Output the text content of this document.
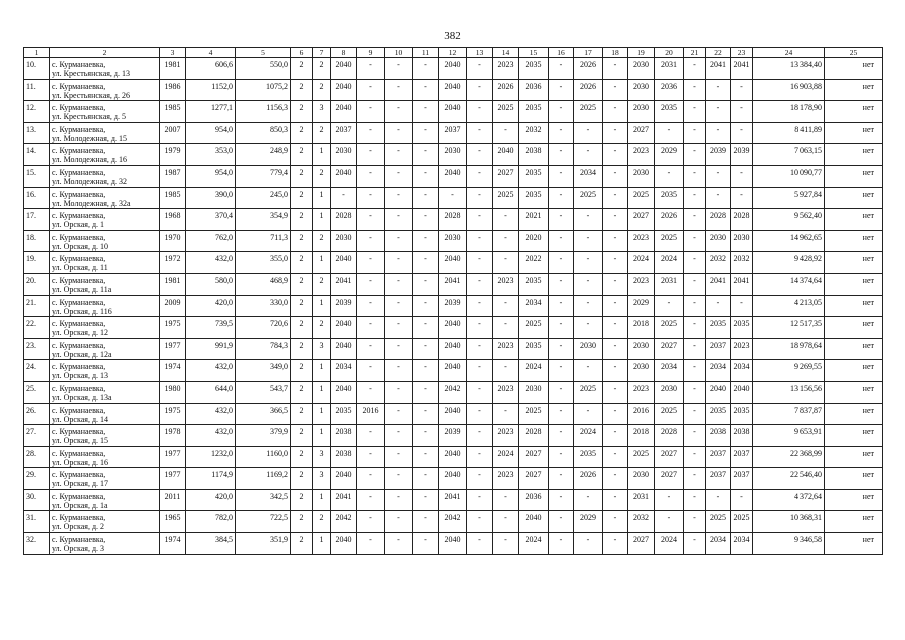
382
1	2	3	4	5	6	7	8	9	10	11	12	13	14	15	16	17	18	19	20	21	22	23	24	25
10.	с. Курманаевка,
ул. Крестьянская, д. 13	1981	606,6	550,0	2	2	2040	-	-	-	2040	-	2023	2035	-	2026	-	2030	2031	-	2041	2041	13 384,40	нет
11.	с. Курманаевка,
ул. Крестьянская, д. 26	1986	1152,0	1075,2	2	2	2040	-	-	-	2040	-	2026	2036	-	2026	-	2030	2036	-	-	-	16 903,88	нет
12.	с. Курманаевка,
ул. Крестьянская, д. 5	1985	1277,1	1156,3	2	3	2040	-	-	-	2040	-	2025	2035	-	2025	-	2030	2035	-	-	-	18 178,90	нет
13.	с. Курманаевка,
ул. Молодежная, д. 15	2007	954,0	850,3	2	2	2037	-	-	-	2037	-	-	2032	-	-	-	2027	-	-	-	-	8 411,89	нет
14.	с. Курманаевка,
ул. Молодежная, д. 16	1979	353,0	248,9	2	1	2030	-	-	-	2030	-	2040	2038	-	-	-	2023	2029	-	2039	2039	7 063,15	нет
15.	с. Курманаевка,
ул. Молодежная, д. 32	1987	954,0	779,4	2	2	2040	-	-	-	2040	-	2027	2035	-	2034	-	2030	-	-	-	-	10 090,77	нет
16.	с. Курманаевка,
ул. Молодежная, д. 32а	1985	390,0	245,0	2	1	-	-	-	-	-	-	2025	2035	-	2025	-	2025	2035	-	-	-	5 927,84	нет
17.	с. Курманаевка,
ул. Орская, д. 1	1968	370,4	354,9	2	1	2028	-	-	-	2028	-	-	2021	-	-	-	2027	2026	-	2028	2028	9 562,40	нет
18.	с. Курманаевка,
ул. Орская, д. 10	1970	762,0	711,3	2	2	2030	-	-	-	2030	-	-	2020	-	-	-	2023	2025	-	2030	2030	14 962,65	нет
19.	с. Курманаевка,
ул. Орская, д. 11	1972	432,0	355,0	2	1	2040	-	-	-	2040	-	-	2022	-	-	-	2024	2024	-	2032	2032	9 428,92	нет
20.	с. Курманаевка,
ул. Орская, д. 11а	1981	580,0	468,9	2	2	2041	-	-	-	2041	-	2023	2035	-	-	-	2023	2031	-	2041	2041	14 374,64	нет
21.	с. Курманаевка,
ул. Орская, д. 116	2009	420,0	330,0	2	1	2039	-	-	-	2039	-	-	2034	-	-	-	2029	-	-	-	-	4 213,05	нет
22.	с. Курманаевка,
ул. Орская, д. 12	1975	739,5	720,6	2	2	2040	-	-	-	2040	-	-	2025	-	-	-	2018	2025	-	2035	2035	12 517,35	нет
23.	с. Курманаевка,
ул. Орская, д. 12а	1977	991,9	784,3	2	3	2040	-	-	-	2040	-	2023	2035	-	2030	-	2030	2027	-	2037	2023	18 978,64	нет
24.	с. Курманаевка,
ул. Орская, д. 13	1974	432,0	349,0	2	1	2034	-	-	-	2040	-	-	2024	-	-	-	2030	2034	-	2034	2034	9 269,55	нет
25.	с. Курманаевка,
ул. Орская, д. 13а	1980	644,0	543,7	2	1	2040	-	-	-	2042	-	2023	2030	-	2025	-	2023	2030	-	2040	2040	13 156,56	нет
26.	с. Курманаевка,
ул. Орская, д. 14	1975	432,0	366,5	2	1	2035	2016	-	-	2040	-	-	2025	-	-	-	2016	2025	-	2035	2035	7 837,87	нет
27.	с. Курманаевка,
ул. Орская, д. 15	1978	432,0	379,9	2	1	2038	-	-	-	2039	-	2023	2028	-	2024	-	2018	2028	-	2038	2038	9 653,91	нет
28.	с. Курманаевка,
ул. Орская, д. 16	1977	1232,0	1160,0	2	3	2038	-	-	-	2040	-	2024	2027	-	2035	-	2025	2027	-	2037	2037	22 368,99	нет
29.	с. Курманаевка,
ул. Орская, д. 17	1977	1174,9	1169,2	2	3	2040	-	-	-	2040	-	2023	2027	-	2026	-	2030	2027	-	2037	2037	22 546,40	нет
30.	с. Курманаевка,
ул. Орская, д. 1а	2011	420,0	342,5	2	1	2041	-	-	-	2041	-	-	2036	-	-	-	2031	-	-	-	-	4 372,64	нет
31.	с. Курманаевка,
ул. Орская, д. 2	1965	782,0	722,5	2	2	2042	-	-	-	2042	-	-	2040	-	2029	-	2032	-	-	2025	2025	10 368,31	нет
32.	с. Курманаевка,
ул. Орская, д. 3	1974	384,5	351,9	2	1	2040	-	-	-	2040	-	-	2024	-	-	-	2027	2024	-	2034	2034	9 346,58	нет
